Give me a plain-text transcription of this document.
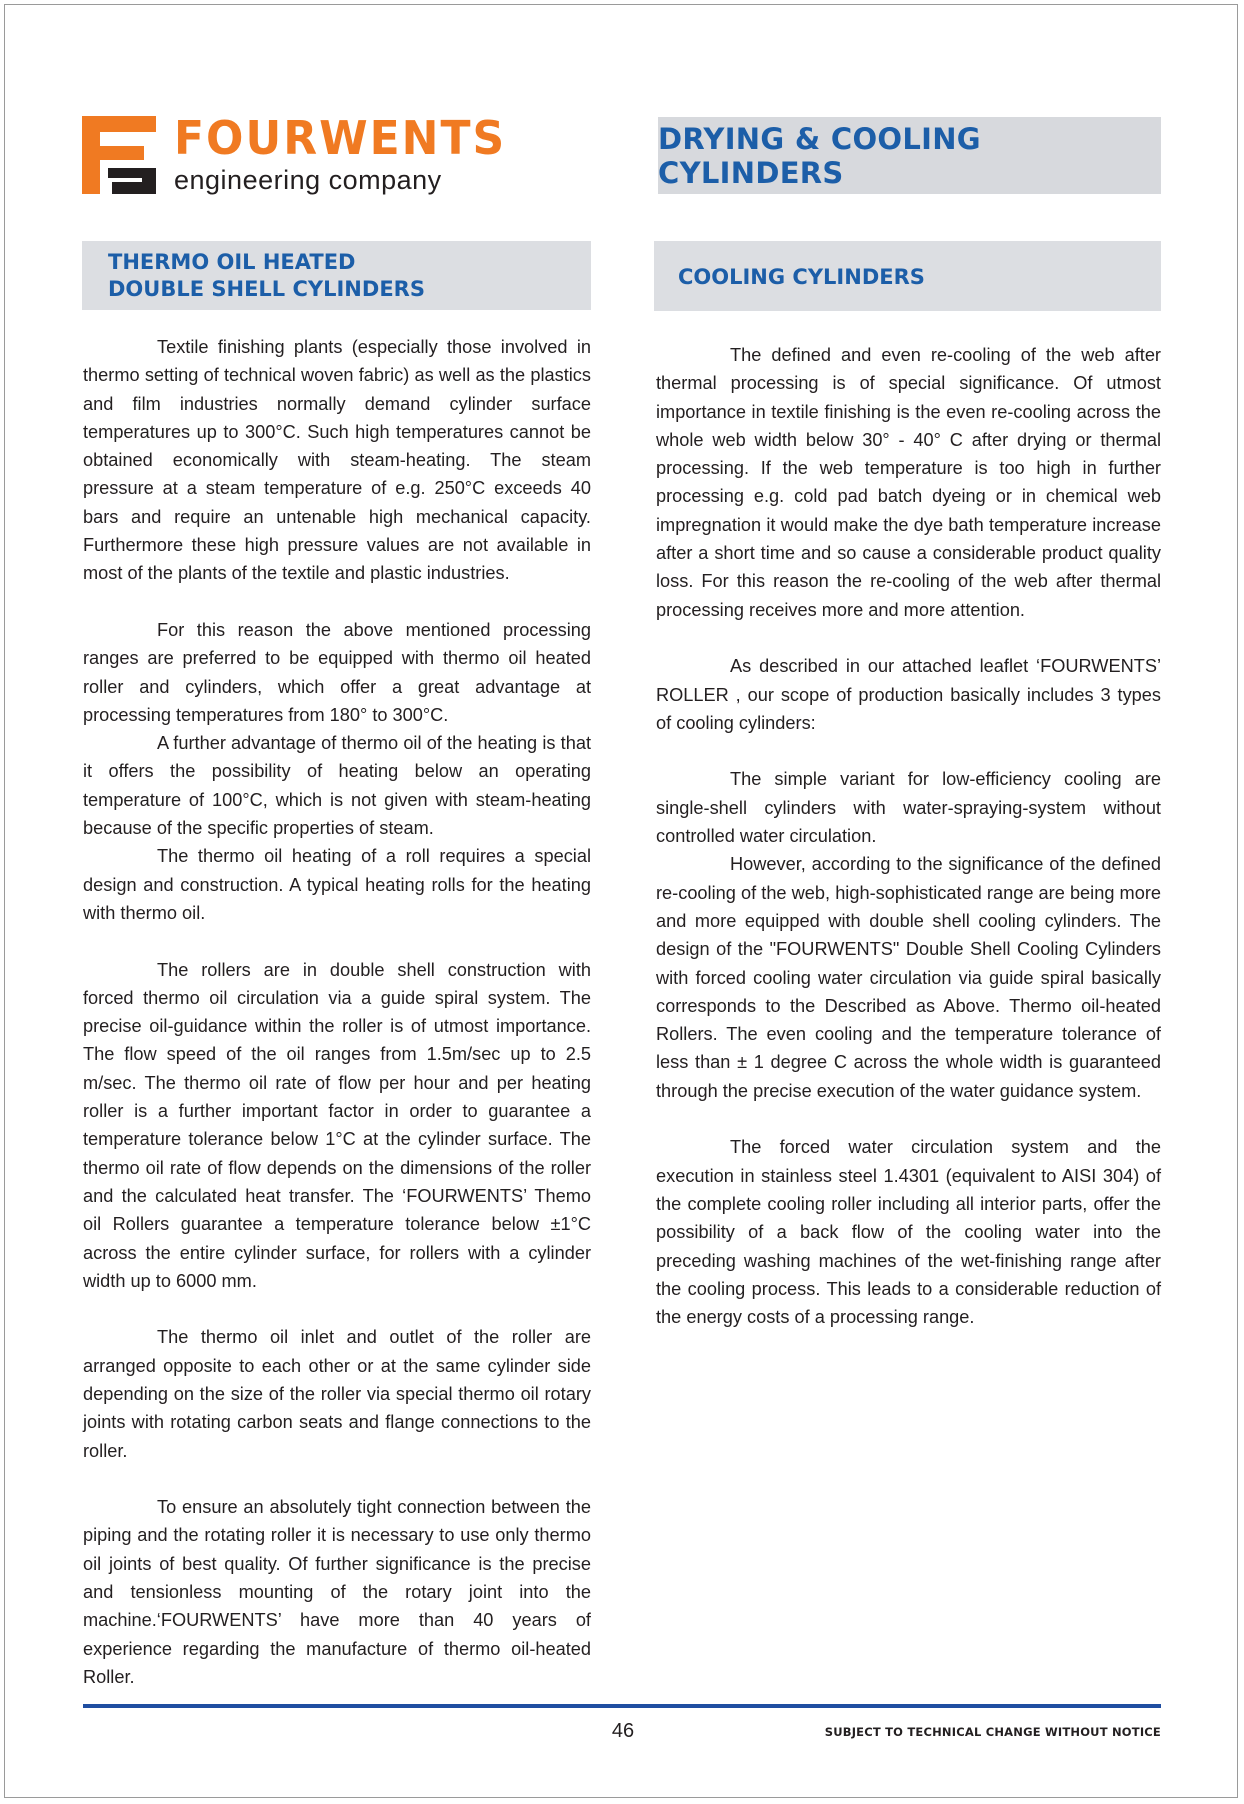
FOURWENTS
engineering company
DRYING & COOLING CYLINDERS
THERMO OIL HEATED
DOUBLE SHELL CYLINDERS	COOLING CYLINDERS

Textile finishing plants (especially those involved in thermo setting of technical woven fabric) as well as the plastics and film industries normally demand cylinder surface temperatures up to 300°C. Such high temperatures cannot be obtained economically with steam-heating. The steam pressure at a steam temperature of e.g. 250°C exceeds 40 bars and require an untenable high mechanical capacity. Furthermore these high pressure values are not available in most of the plants of the textile and plastic industries.

For this reason the above mentioned processing ranges are preferred to be equipped with thermo oil heated roller and cylinders, which offer a great advantage at processing temperatures from 180° to 300°C.

A further advantage of thermo oil of the heating is that it offers the possibility of heating below an operating temperature of 100°C, which is not given with steam-heating because of the specific properties of steam.

The thermo oil heating of a roll requires a special design and construction. A typical heating rolls for the heating with thermo oil.

The rollers are in double shell construction with forced thermo oil circulation via a guide spiral system. The precise oil-guidance within the roller is of utmost importance. The flow speed of the oil ranges from 1.5m/sec up to 2.5 m/sec. The thermo oil rate of flow per hour and per heating roller is a further important factor in order to guarantee a temperature tolerance below 1°C at the cylinder surface. The thermo oil rate of flow depends on the dimensions of the roller and the calculated heat transfer. The ‘FOURWENTS’ Themo oil Rollers guarantee a temperature tolerance below ±1°C across the entire cylinder surface, for rollers with a cylinder width up to 6000 mm.

The thermo oil inlet and outlet of the roller are arranged opposite to each other or at the same cylinder side depending on the size of the roller via special thermo oil rotary joints with rotating carbon seats and flange connections to the roller.

To ensure an absolutely tight connection between the piping and the rotating roller it is necessary to use only thermo oil joints of best quality. Of further significance is the precise and tensionless mounting of the rotary joint into the machine.‘FOURWENTS’ have more than 40 years of experience regarding the manufacture of thermo oil-heated Roller.

The defined and even re-cooling of the web after thermal processing is of special significance. Of utmost importance in textile finishing is the even re-cooling across the whole web width below 30° - 40° C after drying or thermal processing. If the web temperature is too high in further processing e.g. cold pad batch dyeing or in chemical web impregnation it would make the dye bath temperature increase after a short time and so cause a considerable product quality loss. For this reason the re-cooling of the web after thermal processing receives more and more attention.

As described in our attached leaflet ‘FOURWENTS’ ROLLER , our scope of production basically includes 3 types of cooling cylinders:

The simple variant for low-efficiency cooling are single-shell cylinders with water-spraying-system without controlled water circulation.

However, according to the significance of the defined re-cooling of the web, high-sophisticated range are being more and more equipped with double shell cooling cylinders. The design of the "FOURWENTS" Double Shell Cooling Cylinders with forced cooling water circulation via guide spiral basically corresponds to the Described as Above. Thermo oil-heated Rollers. The even cooling and the temperature tolerance of less than ± 1 degree C across the whole width is guaranteed through the precise execution of the water guidance system.

The forced water circulation system and the execution in stainless steel 1.4301 (equivalent to AISI 304) of the complete cooling roller including all interior parts, offer the possibility of a back flow of the cooling water into the preceding washing machines of the wet-finishing range after the cooling process. This leads to a considerable reduction of the energy costs of a processing range.

46	SUBJECT TO TECHNICAL CHANGE WITHOUT NOTICE
